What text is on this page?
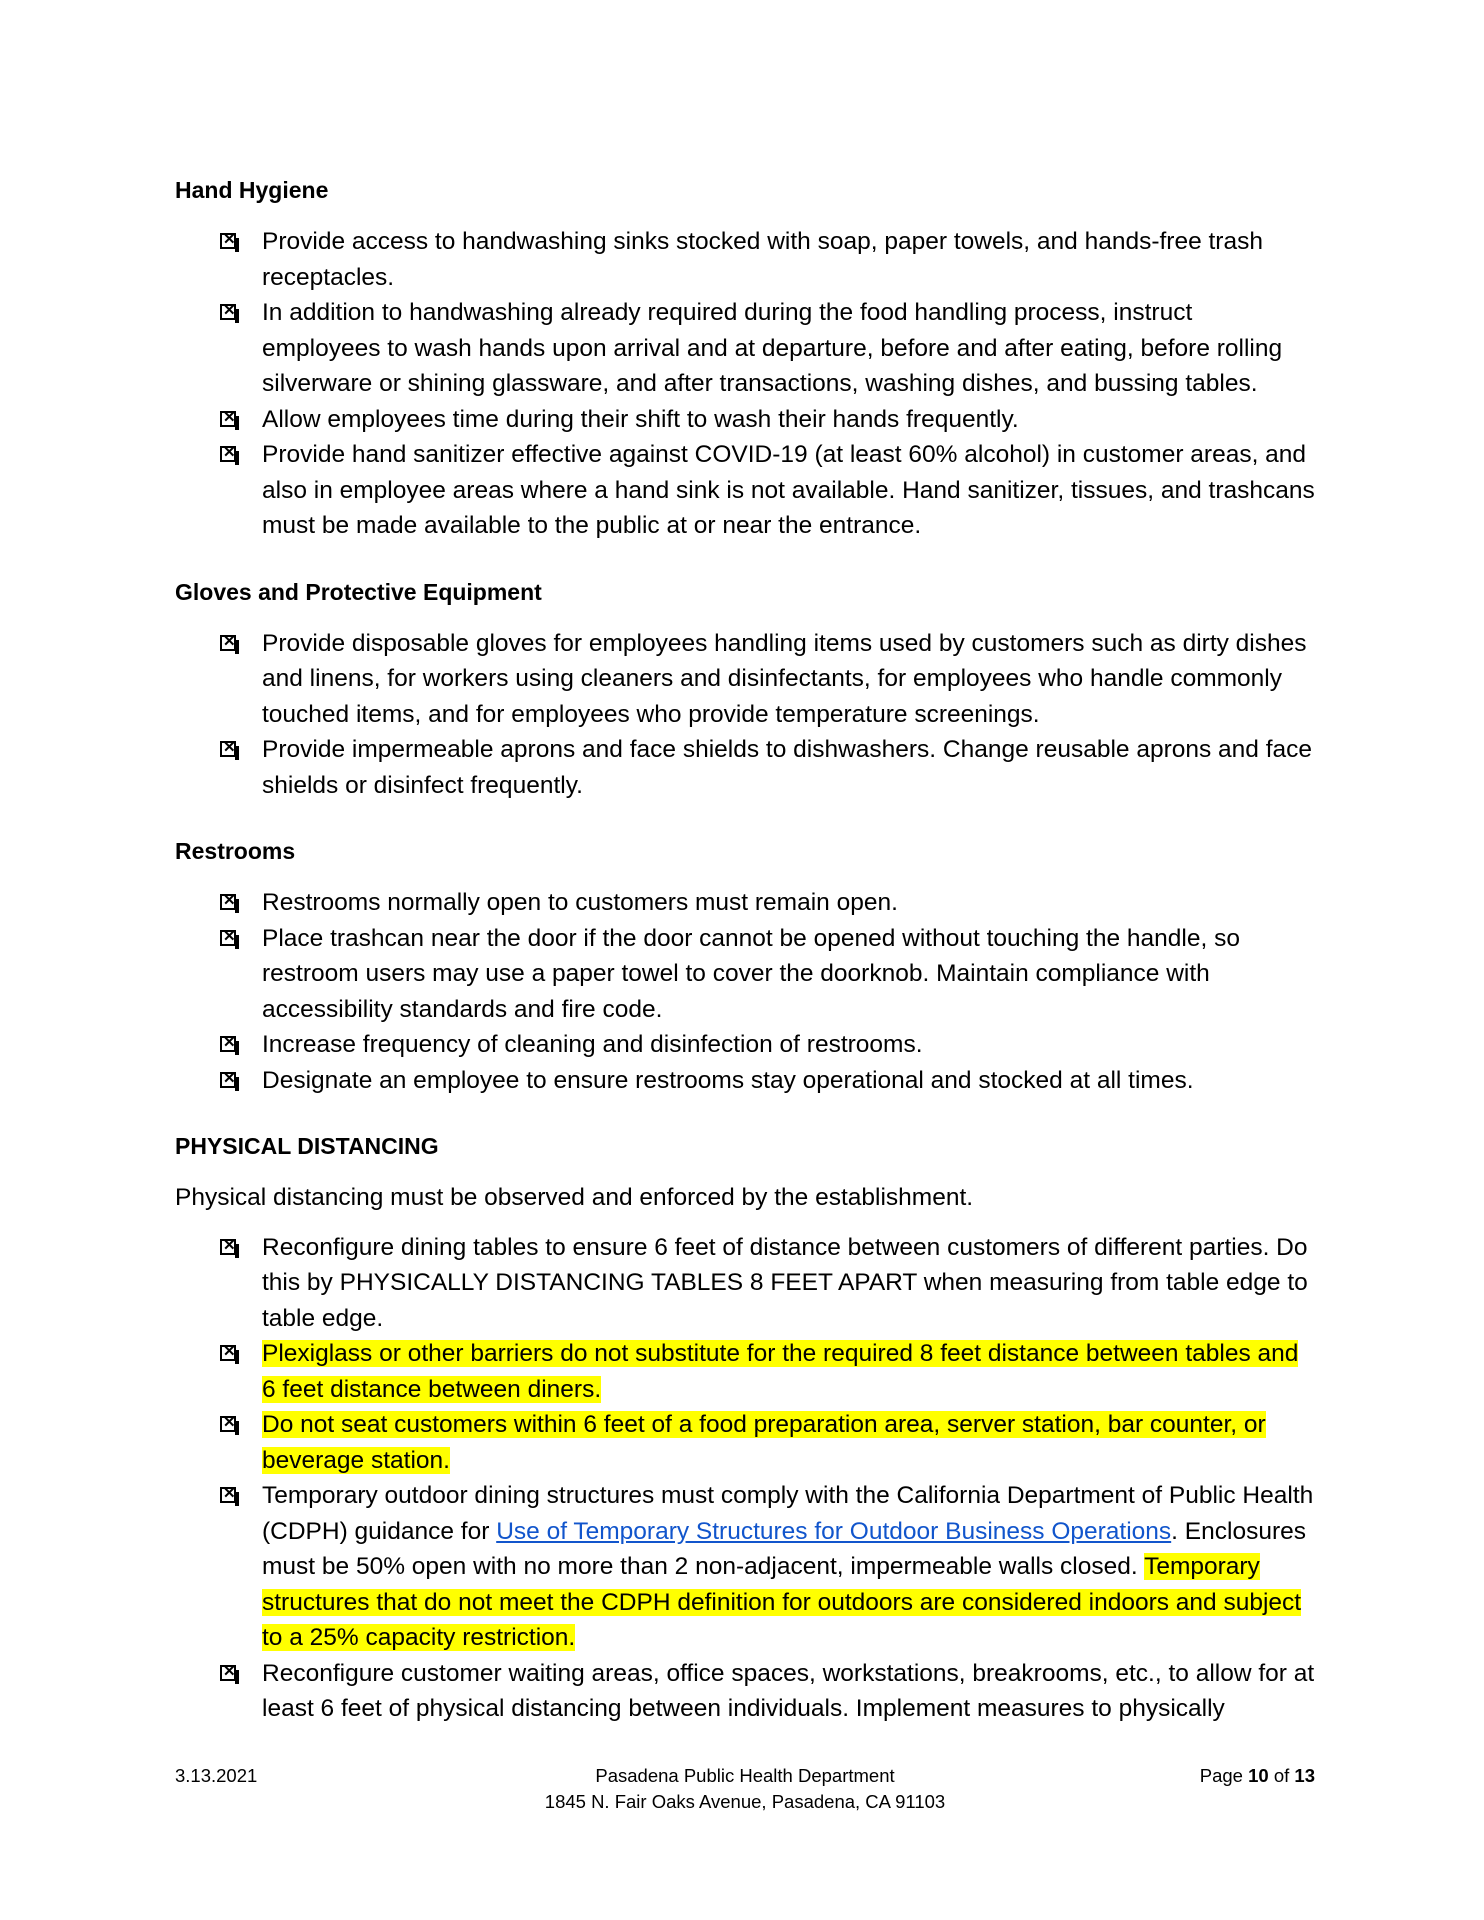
Hand Hygiene
✕
Provide access to handwashing sinks stocked with soap, paper towels, and hands-free trash receptacles.
✕
In addition to handwashing already required during the food handling process, instruct employees to wash hands upon arrival and at departure, before and after eating, before rolling silverware or shining glassware, and after transactions, washing dishes, and bussing tables.
✕
Allow employees time during their shift to wash their hands frequently.
✕
Provide hand sanitizer effective against COVID-19 (at least 60% alcohol) in customer areas, and also in employee areas where a hand sink is not available. Hand sanitizer, tissues, and trashcans must be made available to the public at or near the entrance.
Gloves and Protective Equipment
✕
Provide disposable gloves for employees handling items used by customers such as dirty dishes and linens, for workers using cleaners and disinfectants, for employees who handle commonly touched items, and for employees who provide temperature screenings.
✕
Provide impermeable aprons and face shields to dishwashers. Change reusable aprons and face shields or disinfect frequently.
Restrooms
✕
Restrooms normally open to customers must remain open.
✕
Place trashcan near the door if the door cannot be opened without touching the handle, so restroom users may use a paper towel to cover the doorknob. Maintain compliance with accessibility standards and fire code.
✕
Increase frequency of cleaning and disinfection of restrooms.
✕
Designate an employee to ensure restrooms stay operational and stocked at all times.
PHYSICAL DISTANCING

Physical distancing must be observed and enforced by the establishment.

✕
Reconfigure dining tables to ensure 6 feet of distance between customers of different parties. Do this by PHYSICALLY DISTANCING TABLES 8 FEET APART when measuring from table edge to table edge.
✕
Plexiglass or other barriers do not substitute for the required 8 feet distance between tables and 6 feet distance between diners.
✕
Do not seat customers within 6 feet of a food preparation area, server station, bar counter, or beverage station.
✕
Temporary outdoor dining structures must comply with the California Department of Public Health (CDPH) guidance for Use of Temporary Structures for Outdoor Business Operations. Enclosures must be 50% open with no more than 2 non-adjacent, impermeable walls closed. Temporary structures that do not meet the CDPH definition for outdoors are considered indoors and subject to a 25% capacity restriction.
✕
Reconfigure customer waiting areas, office spaces, workstations, breakrooms, etc., to allow for at least 6 feet of physical distancing between individuals. Implement measures to physically
3.13.2021	Pasadena Public Health Department
1845 N. Fair Oaks Avenue, Pasadena, CA 91103
Page 10 of 13
